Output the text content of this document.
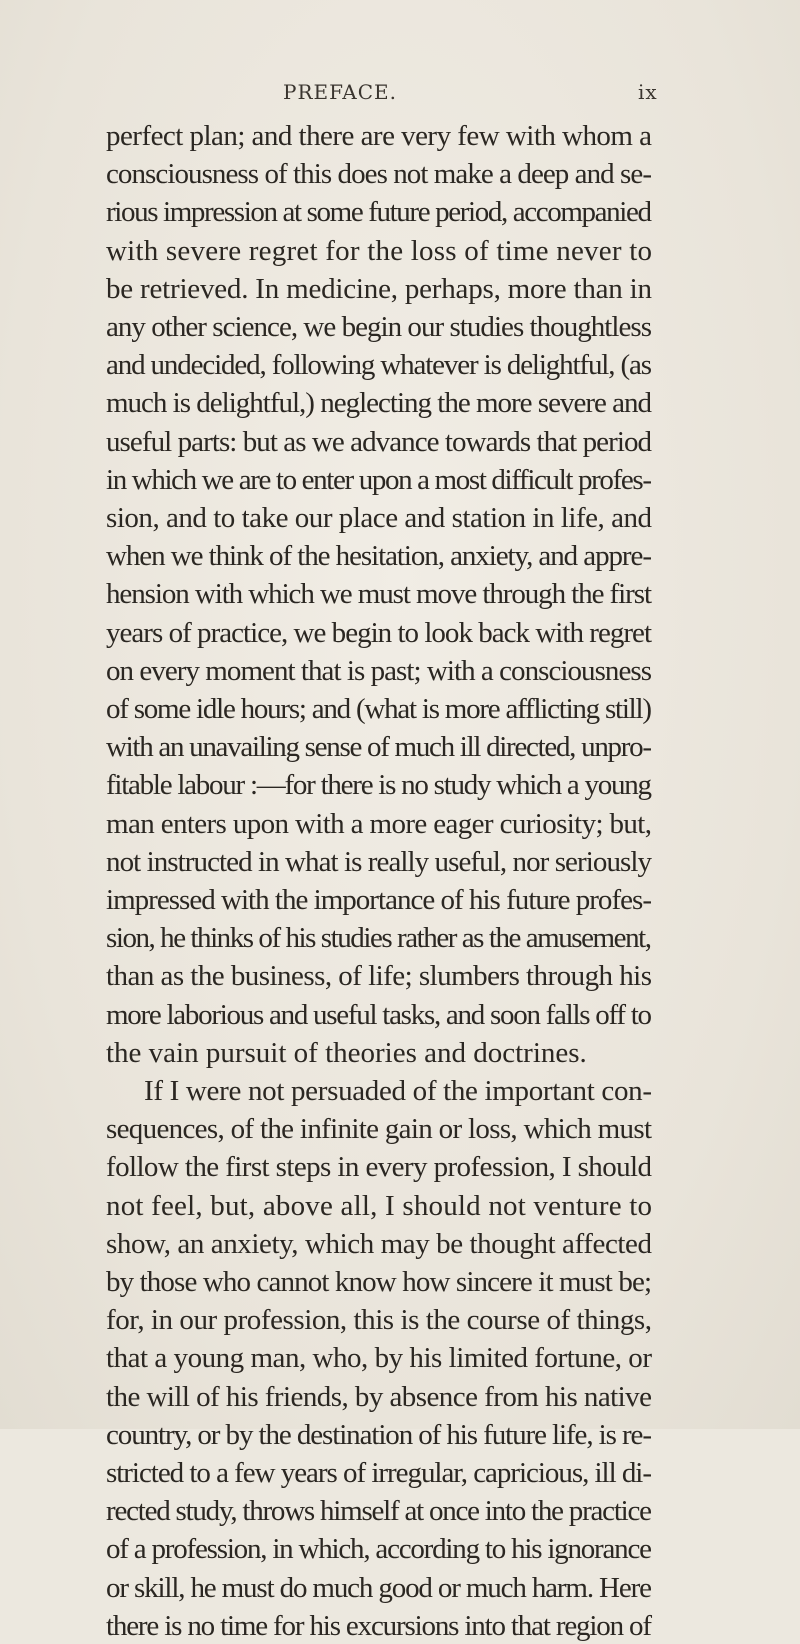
PREFACE.	ix
perfect plan; and there are very few with whom a
consciousness of this does not make a deep and se-
rious impression at some future period, accompanied
with severe regret for the loss of time never to
be retrieved. In medicine, perhaps, more than in
any other science, we begin our studies thoughtless
and undecided, following whatever is delightful, (as
much is delightful,) neglecting the more severe and
useful parts: but as we advance towards that period
in which we are to enter upon a most difficult profes-
sion, and to take our place and station in life, and
when we think of the hesitation, anxiety, and appre-
hension with which we must move through the first
years of practice, we begin to look back with regret
on every moment that is past; with a consciousness
of some idle hours; and (what is more afflicting still)
with an unavailing sense of much ill directed, unpro-
fitable labour :—for there is no study which a young
man enters upon with a more eager curiosity; but,
not instructed in what is really useful, nor seriously
impressed with the importance of his future profes-
sion, he thinks of his studies rather as the amusement,
than as the business, of life; slumbers through his
more laborious and useful tasks, and soon falls off to
the vain pursuit of theories and doctrines.
If I were not persuaded of the important con-
sequences, of the infinite gain or loss, which must
follow the first steps in every profession, I should
not feel, but, above all, I should not venture to
show, an anxiety, which may be thought affected
by those who cannot know how sincere it must be;
for, in our profession, this is the course of things,
that a young man, who, by his limited fortune, or
the will of his friends, by absence from his native
country, or by the destination of his future life, is re-
stricted to a few years of irregular, capricious, ill di-
rected study, throws himself at once into the practice
of a profession, in which, according to his ignorance
or skill, he must do much good or much harm. Here
there is no time for his excursions into that region of
